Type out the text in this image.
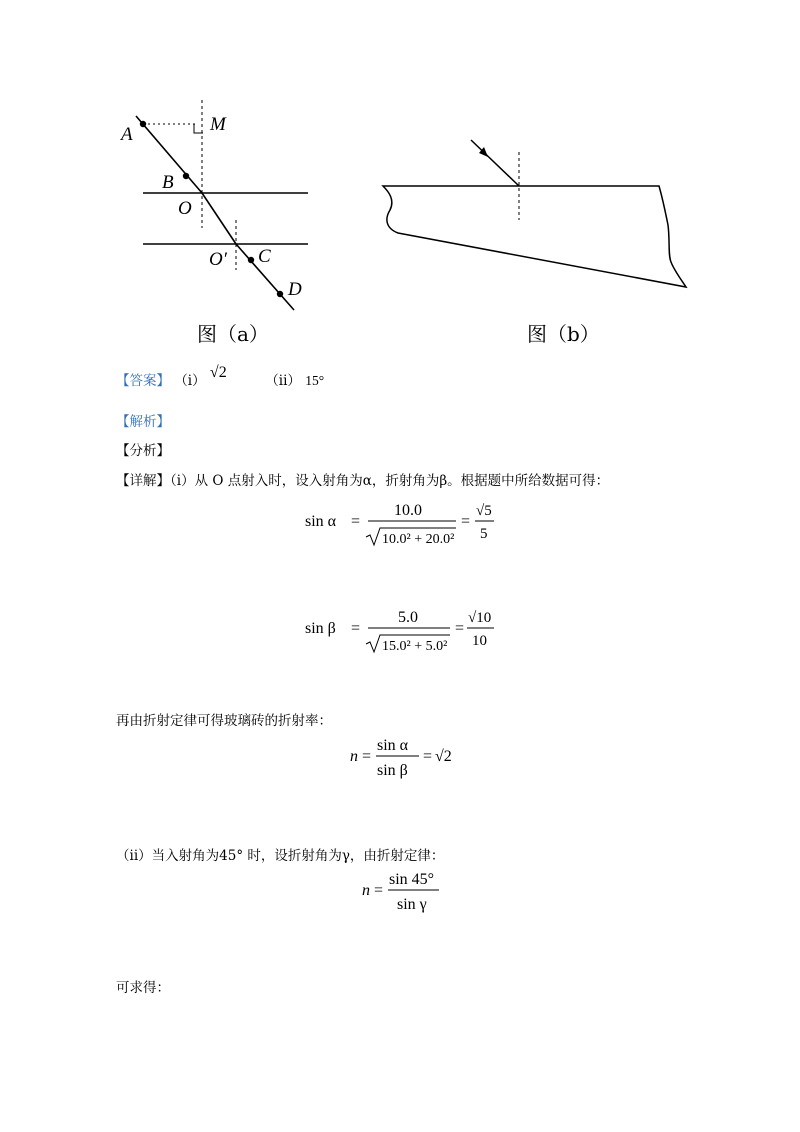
A	M
B
O
O′ C
D
图（a）	图（b）
【答案】 （i） √2	（ii） 15°
【解析】
【分析】
【详解】（i）从 O 点射入时，设入射角为α，折射角为β。根据题中所给数据可得：
sin α =
10.0
10.0² + 20.0²
=
√5
5
sin β =
5.0
15.0² + 5.0²
=
√10
10
再由折射定律可得玻璃砖的折射率：
n =
sin α
sin β
= √2
（ii）当入射角为45° 时，设折射角为γ，由折射定律：
n =
sin 45°
sin γ
可求得：
